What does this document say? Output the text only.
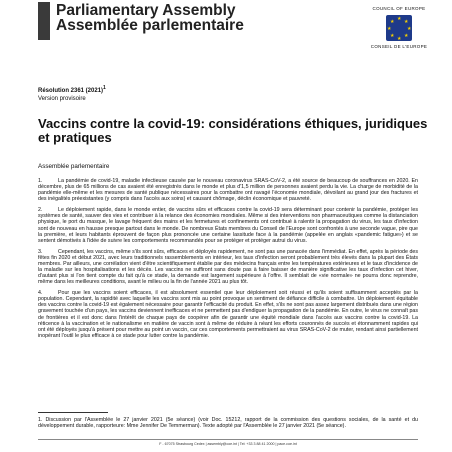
Parliamentary Assembly
Assemblée parlementaire
COUNCIL OF EUROPE
★ ★
★
★
★
★
★
★
CONSEIL DE L'EUROPE
Résolution 2361 $(2021)^1$
Version provisoire
Vaccins contre la covid-19: considérations éthiques, juridiques et pratiques
Assemblée parlementaire

1.	La pandémie de covid-19, maladie infectieuse causée par le nouveau coronavirus SRAS-CoV-2, a été source de beaucoup de souffrances en 2020. En décembre, plus de 65 millions de cas avaient été enregistrés dans le monde et plus d'1,5 million de personnes avaient perdu la vie. La charge de morbidité de la pandémie elle-même et les mesures de santé publique nécessaires pour la combattre ont ravagé l'économie mondiale, dévoilant au grand jour des fractures et des inégalités préexistantes (y compris dans l'accès aux soins) et causant chômage, déclin économique et pauvreté.

2.	Le déploiement rapide, dans le monde entier, de vaccins sûrs et efficaces contre la covid-19 sera déterminant pour contenir la pandémie, protéger les systèmes de santé, sauver des vies et contribuer à la relance des économies mondiales. Même si des interventions non pharmaceutiques comme la distanciation physique, le port du masque, le lavage fréquent des mains et les fermetures et confinements ont contribué à ralentir la propagation du virus, les taux d'infection sont de nouveau en hausse presque partout dans le monde. De nombreux États membres du Conseil de l'Europe sont confrontés à une seconde vague, pire que la première, et leurs habitants éprouvent de façon plus prononcée une certaine lassitude face à la pandémie (appelée en anglais «pandemic fatigue») et se sentent démotivés à l'idée de suivre les comportements recommandés pour se protéger et protéger autrui du virus.

3.	Cependant, les vaccins, même s'ils sont sûrs, efficaces et déployés rapidement, ne sont pas une panacée dans l'immédiat. En effet, après la période des fêtes fin 2020 et début 2021, avec leurs traditionnels rassemblements en intérieur, les taux d'infection seront probablement très élevés dans la plupart des États membres. Par ailleurs, une corrélation vient d'être scientifiquement établie par des médecins français entre les températures extérieures et le taux d'incidence de la maladie sur les hospitalisations et les décès. Les vaccins ne suffiront sans doute pas à faire baisser de manière significative les taux d'infection cet hiver, d'autant plus si l'on tient compte du fait qu'à ce stade, la demande est largement supérieure à l'offre. Il semblait de «vie normale» ne pourra donc reprendre, même dans les meilleures conditions, avant le milieu ou la fin de l'année 2021 au plus tôt.

4.	Pour que les vaccins soient efficaces, il est absolument essentiel que leur déploiement soit réussi et qu'ils soient suffisamment acceptés par la population. Cependant, la rapidité avec laquelle les vaccins sont mis au point provoque un sentiment de défiance difficile à combattre. Un déploiement équitable des vaccins contre la covid-19 est également nécessaire pour garantir l'efficacité du produit. En effet, s'ils ne sont pas assez largement distribués dans une région gravement touchée d'un pays, les vaccins deviennent inefficaces et ne permettent pas d'endiguer la propagation de la pandémie. En outre, le virus ne connaît pas de frontières et il est donc dans l'intérêt de chaque pays de coopérer afin de garantir une équité mondiale dans l'accès aux vaccins contre la covid-19. La réticence à la vaccination et le nationalisme en matière de vaccin sont à même de réduire à néant les efforts couronnés de succès et étonnamment rapides qui ont été déployés jusqu'à présent pour mettre au point un vaccin, car ces comportements permettraient au virus SRAS-CoV-2 de muter, rendant ainsi partiellement inopérant l'outil le plus efficace à ce stade pour lutter contre la pandémie.

1. Discussion par l'Assemblée le 27 janvier 2021 (5e séance) (voir Doc. 15212, rapport de la commission des questions sociales, de la santé et du développement durable, rapporteure: Mme Jennifer De Temmerman). Texte adopté par l'Assemblée le 27 janvier 2021 (5e séance).
F - 67075 Strasbourg Cedex | assembly@coe.int | Tel: +33 3 88 41 2000 | pace.coe.int
